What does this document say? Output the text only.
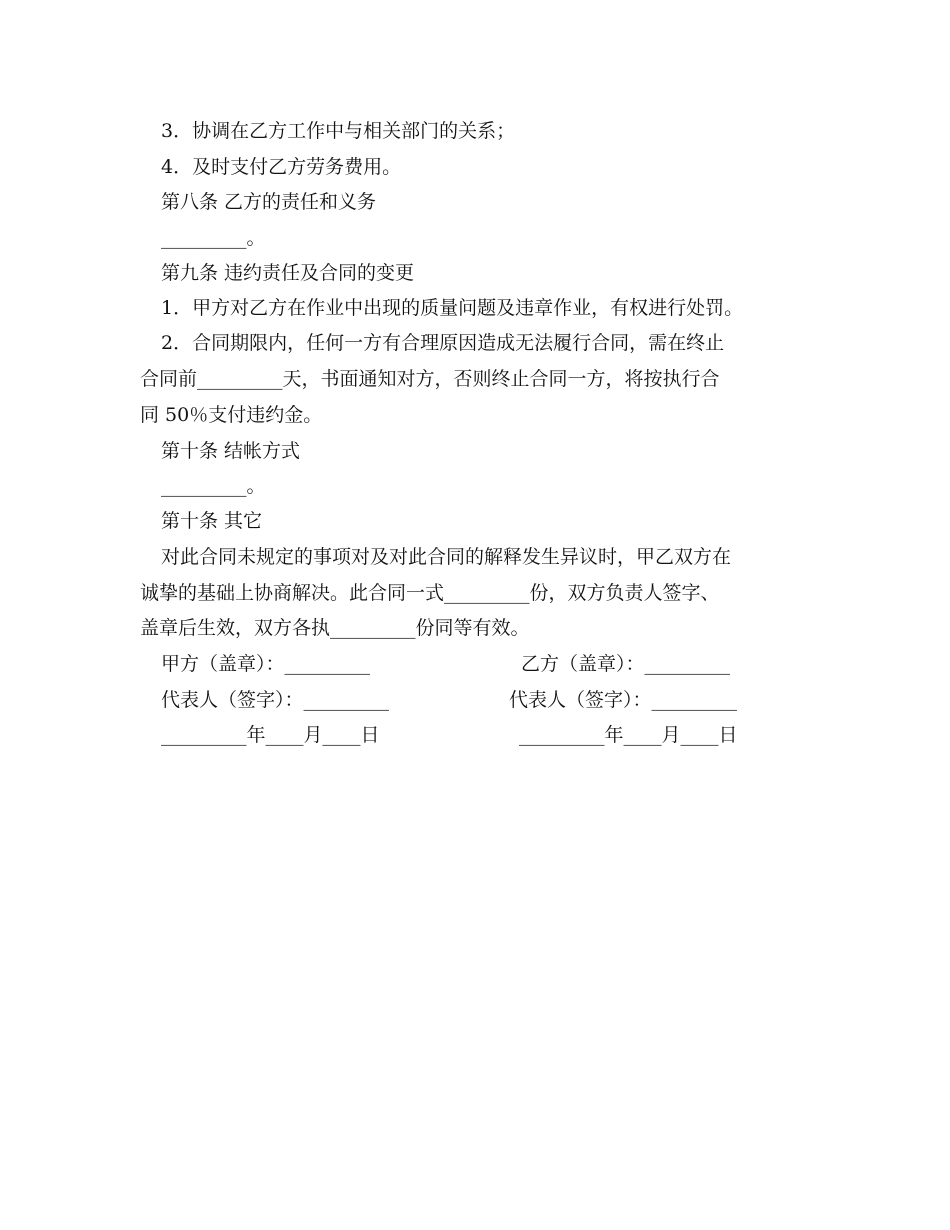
3．协调在乙方工作中与相关部门的关系；
4．及时支付乙方劳务费用。
第八条 乙方的责任和义务
_________。
第九条 违约责任及合同的变更
1．甲方对乙方在作业中出现的质量问题及违章作业，有权进行处罚。
2．合同期限内，任何一方有合理原因造成无法履行合同，需在终止
合同前_________天，书面通知对方，否则终止合同一方，将按执行合
同 50％支付违约金。
第十条 结帐方式
_________。
第十条 其它
对此合同未规定的事项对及对此合同的解释发生异议时，甲乙双方在
诚挚的基础上协商解决。此合同一式_________份，双方负责人签字、
盖章后生效，双方各执_________份同等有效。
甲方（盖章）：_________	乙方（盖章）：_________
代表人（签字）：_________	代表人（签字）：_________
_________年____月____日	_________年____月____日
